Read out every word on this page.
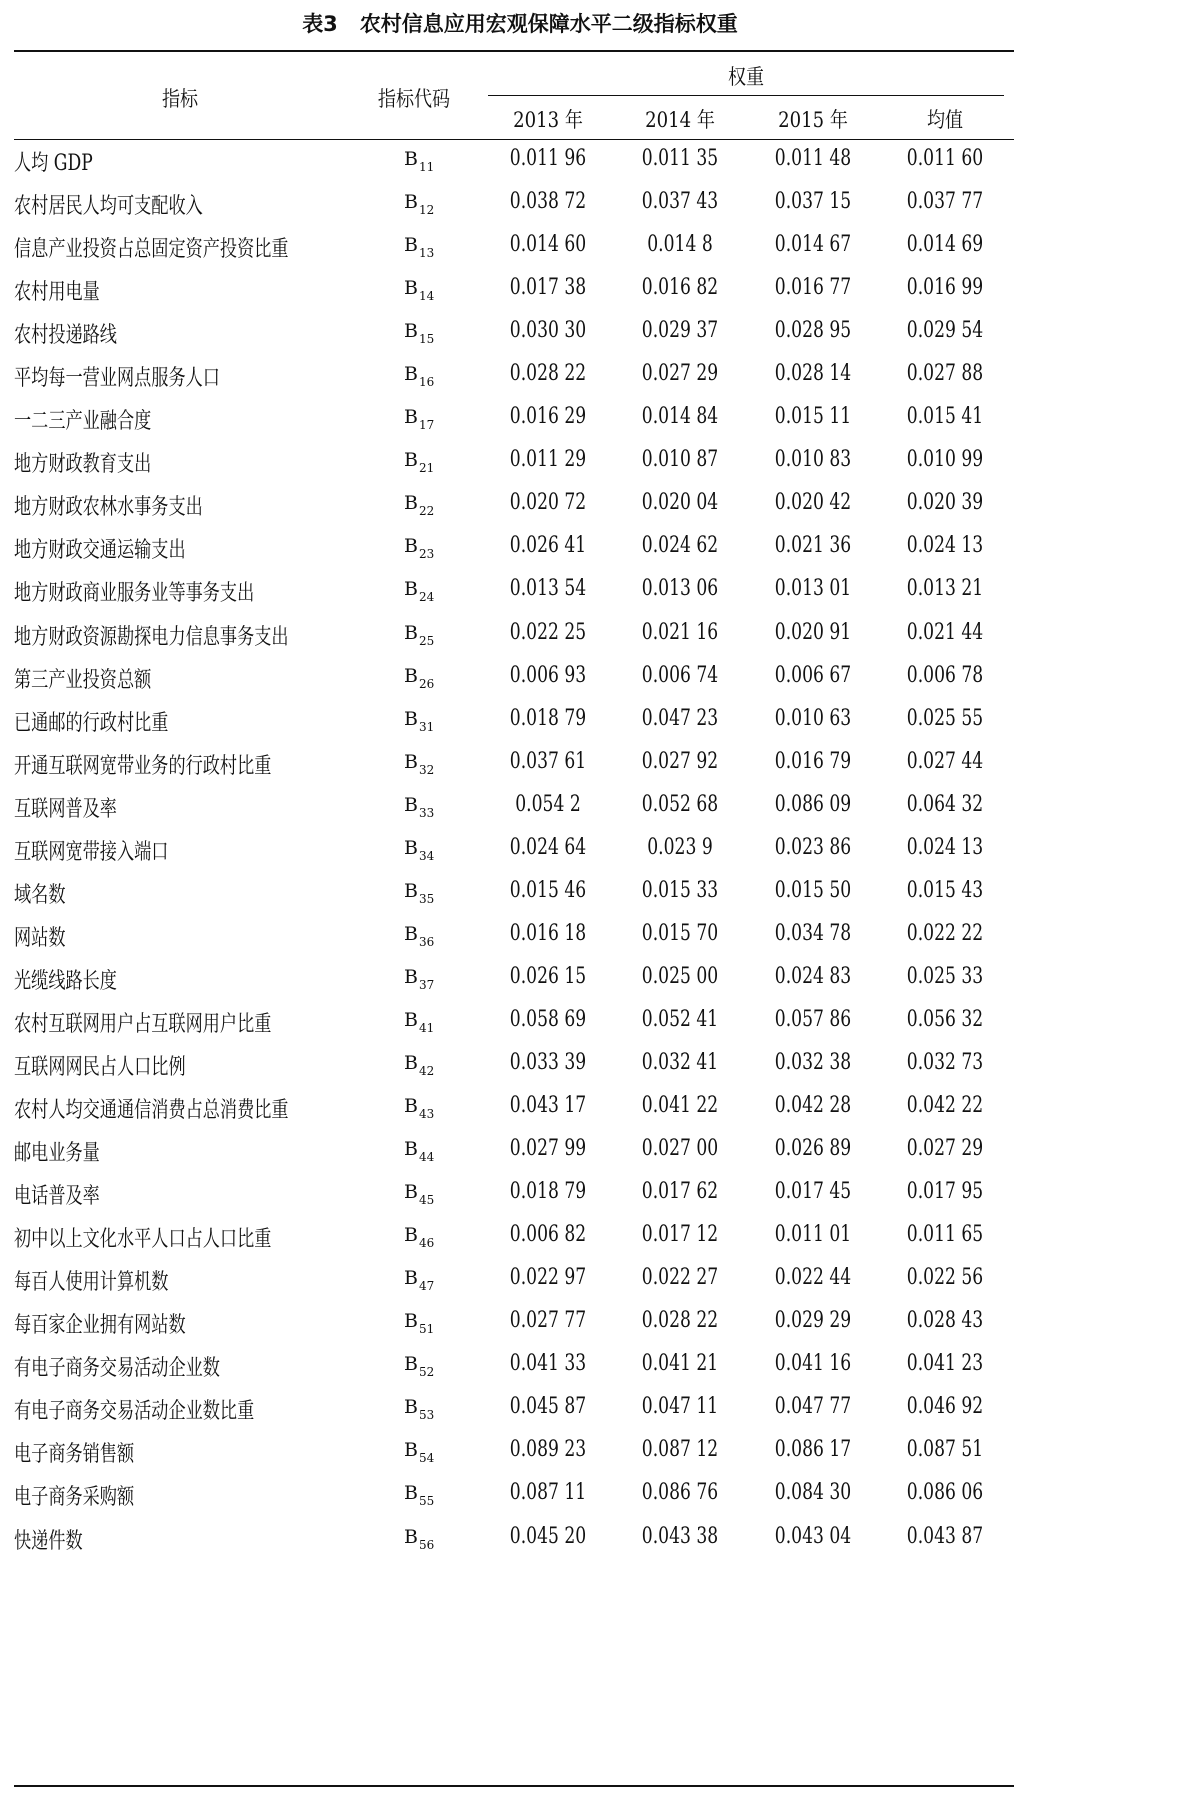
表3 农村信息应用宏观保障水平二级指标权重
指标	指标代码
权重
2013 年	2014 年	2015 年	均值
人均 GDP	$B_{11}$	0.011 96	0.011 35	0.011 48	0.011 60
农村居民人均可支配收入	$B_{12}$	0.038 72	0.037 43	0.037 15	0.037 77
信息产业投资占总固定资产投资比重	$B_{13}$	0.014 60	0.014 8	0.014 67	0.014 69
农村用电量	$B_{14}$	0.017 38	0.016 82	0.016 77	0.016 99
农村投递路线	$B_{15}$	0.030 30	0.029 37	0.028 95	0.029 54
平均每一营业网点服务人口	$B_{16}$	0.028 22	0.027 29	0.028 14	0.027 88
一二三产业融合度	$B_{17}$	0.016 29	0.014 84	0.015 11	0.015 41
地方财政教育支出	$B_{21}$	0.011 29	0.010 87	0.010 83	0.010 99
地方财政农林水事务支出	$B_{22}$	0.020 72	0.020 04	0.020 42	0.020 39
地方财政交通运输支出	$B_{23}$	0.026 41	0.024 62	0.021 36	0.024 13
地方财政商业服务业等事务支出	$B_{24}$	0.013 54	0.013 06	0.013 01	0.013 21
地方财政资源勘探电力信息事务支出	$B_{25}$	0.022 25	0.021 16	0.020 91	0.021 44
第三产业投资总额	$B_{26}$	0.006 93	0.006 74	0.006 67	0.006 78
已通邮的行政村比重	$B_{31}$	0.018 79	0.047 23	0.010 63	0.025 55
开通互联网宽带业务的行政村比重	$B_{32}$	0.037 61	0.027 92	0.016 79	0.027 44
互联网普及率	$B_{33}$	0.054 2	0.052 68	0.086 09	0.064 32
互联网宽带接入端口	$B_{34}$	0.024 64	0.023 9	0.023 86	0.024 13
域名数	$B_{35}$	0.015 46	0.015 33	0.015 50	0.015 43
网站数	$B_{36}$	0.016 18	0.015 70	0.034 78	0.022 22
光缆线路长度	$B_{37}$	0.026 15	0.025 00	0.024 83	0.025 33
农村互联网用户占互联网用户比重	$B_{41}$	0.058 69	0.052 41	0.057 86	0.056 32
互联网网民占人口比例	$B_{42}$	0.033 39	0.032 41	0.032 38	0.032 73
农村人均交通通信消费占总消费比重	$B_{43}$	0.043 17	0.041 22	0.042 28	0.042 22
邮电业务量	$B_{44}$	0.027 99	0.027 00	0.026 89	0.027 29
电话普及率	$B_{45}$	0.018 79	0.017 62	0.017 45	0.017 95
初中以上文化水平人口占人口比重	$B_{46}$	0.006 82	0.017 12	0.011 01	0.011 65
每百人使用计算机数	$B_{47}$	0.022 97	0.022 27	0.022 44	0.022 56
每百家企业拥有网站数	$B_{51}$	0.027 77	0.028 22	0.029 29	0.028 43
有电子商务交易活动企业数	$B_{52}$	0.041 33	0.041 21	0.041 16	0.041 23
有电子商务交易活动企业数比重	$B_{53}$	0.045 87	0.047 11	0.047 77	0.046 92
电子商务销售额	$B_{54}$	0.089 23	0.087 12	0.086 17	0.087 51
电子商务采购额	$B_{55}$	0.087 11	0.086 76	0.084 30	0.086 06
快递件数	$B_{56}$	0.045 20	0.043 38	0.043 04	0.043 87
